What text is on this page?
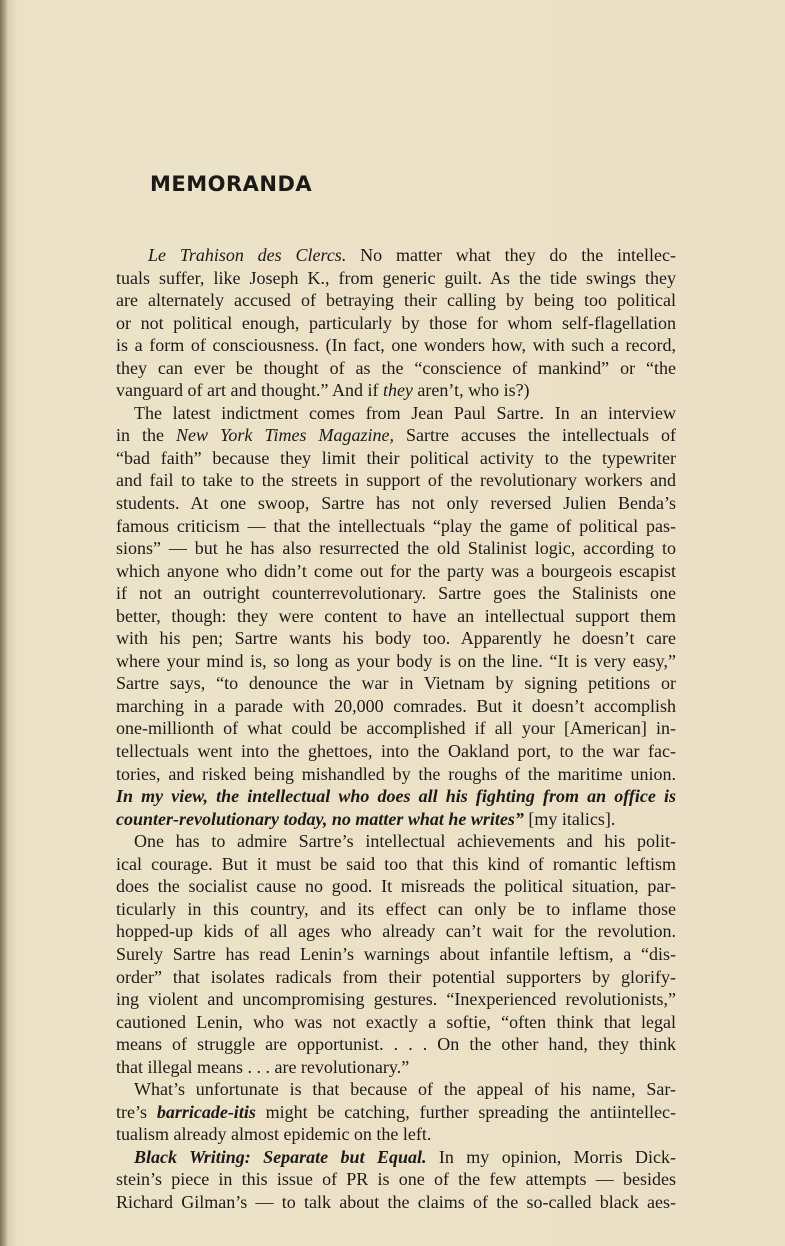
MEMORANDA

Le Trahison des Clercs. No matter what they do the intellec-

tuals suffer, like Joseph K., from generic guilt. As the tide swings they

are alternately accused of betraying their calling by being too political

or not political enough, particularly by those for whom self-flagellation

is a form of consciousness. (In fact, one wonders how, with such a record,

they can ever be thought of as the “conscience of mankind” or “the

vanguard of art and thought.” And if they aren’t, who is?)

The latest indictment comes from Jean Paul Sartre. In an interview

in the New York Times Magazine, Sartre accuses the intellectuals of

“bad faith” because they limit their political activity to the typewriter

and fail to take to the streets in support of the revolutionary workers and

students. At one swoop, Sartre has not only reversed Julien Benda’s

famous criticism — that the intellectuals “play the game of political pas-

sions” — but he has also resurrected the old Stalinist logic, according to

which anyone who didn’t come out for the party was a bourgeois escapist

if not an outright counterrevolutionary. Sartre goes the Stalinists one

better, though: they were content to have an intellectual support them

with his pen; Sartre wants his body too. Apparently he doesn’t care

where your mind is, so long as your body is on the line. “It is very easy,”

Sartre says, “to denounce the war in Vietnam by signing petitions or

marching in a parade with 20,000 comrades. But it doesn’t accomplish

one-millionth of what could be accomplished if all your [American] in-

tellectuals went into the ghettoes, into the Oakland port, to the war fac-

tories, and risked being mishandled by the roughs of the maritime union.

In my view, the intellectual who does all his fighting from an office is

counter-revolutionary today, no matter what he writes” [my italics].

One has to admire Sartre’s intellectual achievements and his polit-

ical courage. But it must be said too that this kind of romantic leftism

does the socialist cause no good. It misreads the political situation, par-

ticularly in this country, and its effect can only be to inflame those

hopped-up kids of all ages who already can’t wait for the revolution.

Surely Sartre has read Lenin’s warnings about infantile leftism, a “dis-

order” that isolates radicals from their potential supporters by glorify-

ing violent and uncompromising gestures. “Inexperienced revolutionists,”

cautioned Lenin, who was not exactly a softie, “often think that legal

means of struggle are opportunist. . . . On the other hand, they think

that illegal means . . . are revolutionary.”

What’s unfortunate is that because of the appeal of his name, Sar-

tre’s barricade-itis might be catching, further spreading the antiintellec-

tualism already almost epidemic on the left.

Black Writing: Separate but Equal. In my opinion, Morris Dick-

stein’s piece in this issue of PR is one of the few attempts — besides

Richard Gilman’s — to talk about the claims of the so-called black aes-
